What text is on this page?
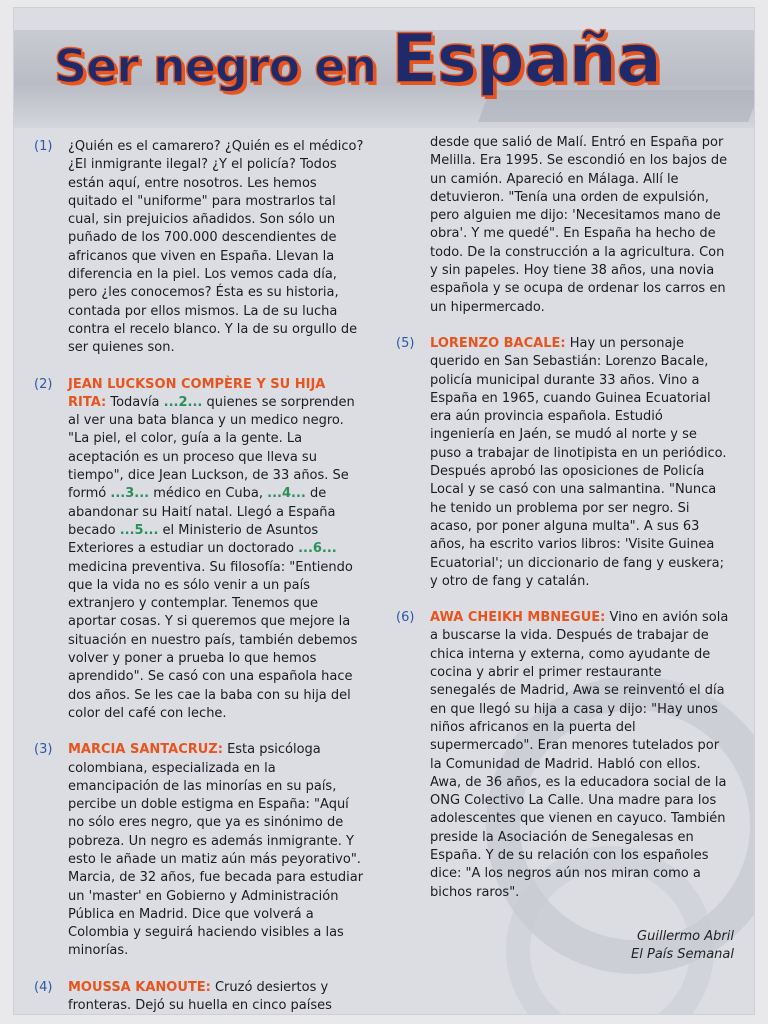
Ser negro en España
(1) ¿Quién es el camarero? ¿Quién es el médico? ¿El inmigrante ilegal? ¿Y el policía? Todos están aquí, entre nosotros. Les hemos quitado el "uniforme" para mostrarlos tal cual, sin prejuicios añadidos. Son sólo un puñado de los 700.000 descendientes de africanos que viven en España. Llevan la diferencia en la piel. Los vemos cada día, pero ¿les conocemos? Ésta es su historia, contada por ellos mismos. La de su lucha contra el recelo blanco. Y la de su orgullo de ser quienes son.
(2) JEAN LUCKSON COMPÈRE Y SU HIJA RITA: Todavía ...2... quienes se sorprenden al ver una bata blanca y un medico negro. "La piel, el color, guía a la gente. La aceptación es un proceso que lleva su tiempo", dice Jean Luckson, de 33 años. Se formó ...3... médico en Cuba, ...4... de abandonar su Haití natal. Llegó a España becado ...5... el Ministerio de Asuntos Exteriores a estudiar un doctorado ...6... medicina preventiva. Su filosofía: "Entiendo que la vida no es sólo venir a un país extranjero y contemplar. Tenemos que aportar cosas. Y si queremos que mejore la situación en nuestro país, también debemos volver y poner a prueba lo que hemos aprendido". Se casó con una española hace dos años. Se les cae la baba con su hija del color del café con leche.
(3) MARCIA SANTACRUZ: Esta psicóloga colombiana, especializada en la emancipación de las minorías en su país, percibe un doble estigma en España: "Aquí no sólo eres negro, que ya es sinónimo de pobreza. Un negro es además inmigrante. Y esto le añade un matiz aún más peyorativo". Marcia, de 32 años, fue becada para estudiar un 'master' en Gobierno y Administración Pública en Madrid. Dice que volverá a Colombia y seguirá haciendo visibles a las minorías.
(4) MOUSSA KANOUTE: Cruzó desiertos y fronteras. Dejó su huella en cinco países
desde que salió de Malí. Entró en España por Melilla. Era 1995. Se escondió en los bajos de un camión. Apareció en Málaga. Allí le detuvieron. "Tenía una orden de expulsión, pero alguien me dijo: 'Necesitamos mano de obra'. Y me quedé". En España ha hecho de todo. De la construcción a la agricultura. Con y sin papeles. Hoy tiene 38 años, una novia española y se ocupa de ordenar los carros en un hipermercado.
(5) LORENZO BACALE: Hay un personaje querido en San Sebastián: Lorenzo Bacale, policía municipal durante 33 años. Vino a España en 1965, cuando Guinea Ecuatorial era aún provincia española. Estudió ingeniería en Jaén, se mudó al norte y se puso a trabajar de linotipista en un periódico. Después aprobó las oposiciones de Policía Local y se casó con una salmantina. "Nunca he tenido un problema por ser negro. Si acaso, por poner alguna multa". A sus 63 años, ha escrito varios libros: 'Visite Guinea Ecuatorial'; un diccionario de fang y euskera; y otro de fang y catalán.
(6) AWA CHEIKH MBNEGUE: Vino en avión sola a buscarse la vida. Después de trabajar de chica interna y externa, como ayudante de cocina y abrir el primer restaurante senegalés de Madrid, Awa se reinventó el día en que llegó su hija a casa y dijo: "Hay unos niños africanos en la puerta del supermercado". Eran menores tutelados por la Comunidad de Madrid. Habló con ellos. Awa, de 36 años, es la educadora social de la ONG Colectivo La Calle. Una madre para los adolescentes que vienen en cayuco. También preside la Asociación de Senegalesas en España. Y de su relación con los españoles dice: "A los negros aún nos miran como a bichos raros".
Guillermo Abril
El País Semanal
